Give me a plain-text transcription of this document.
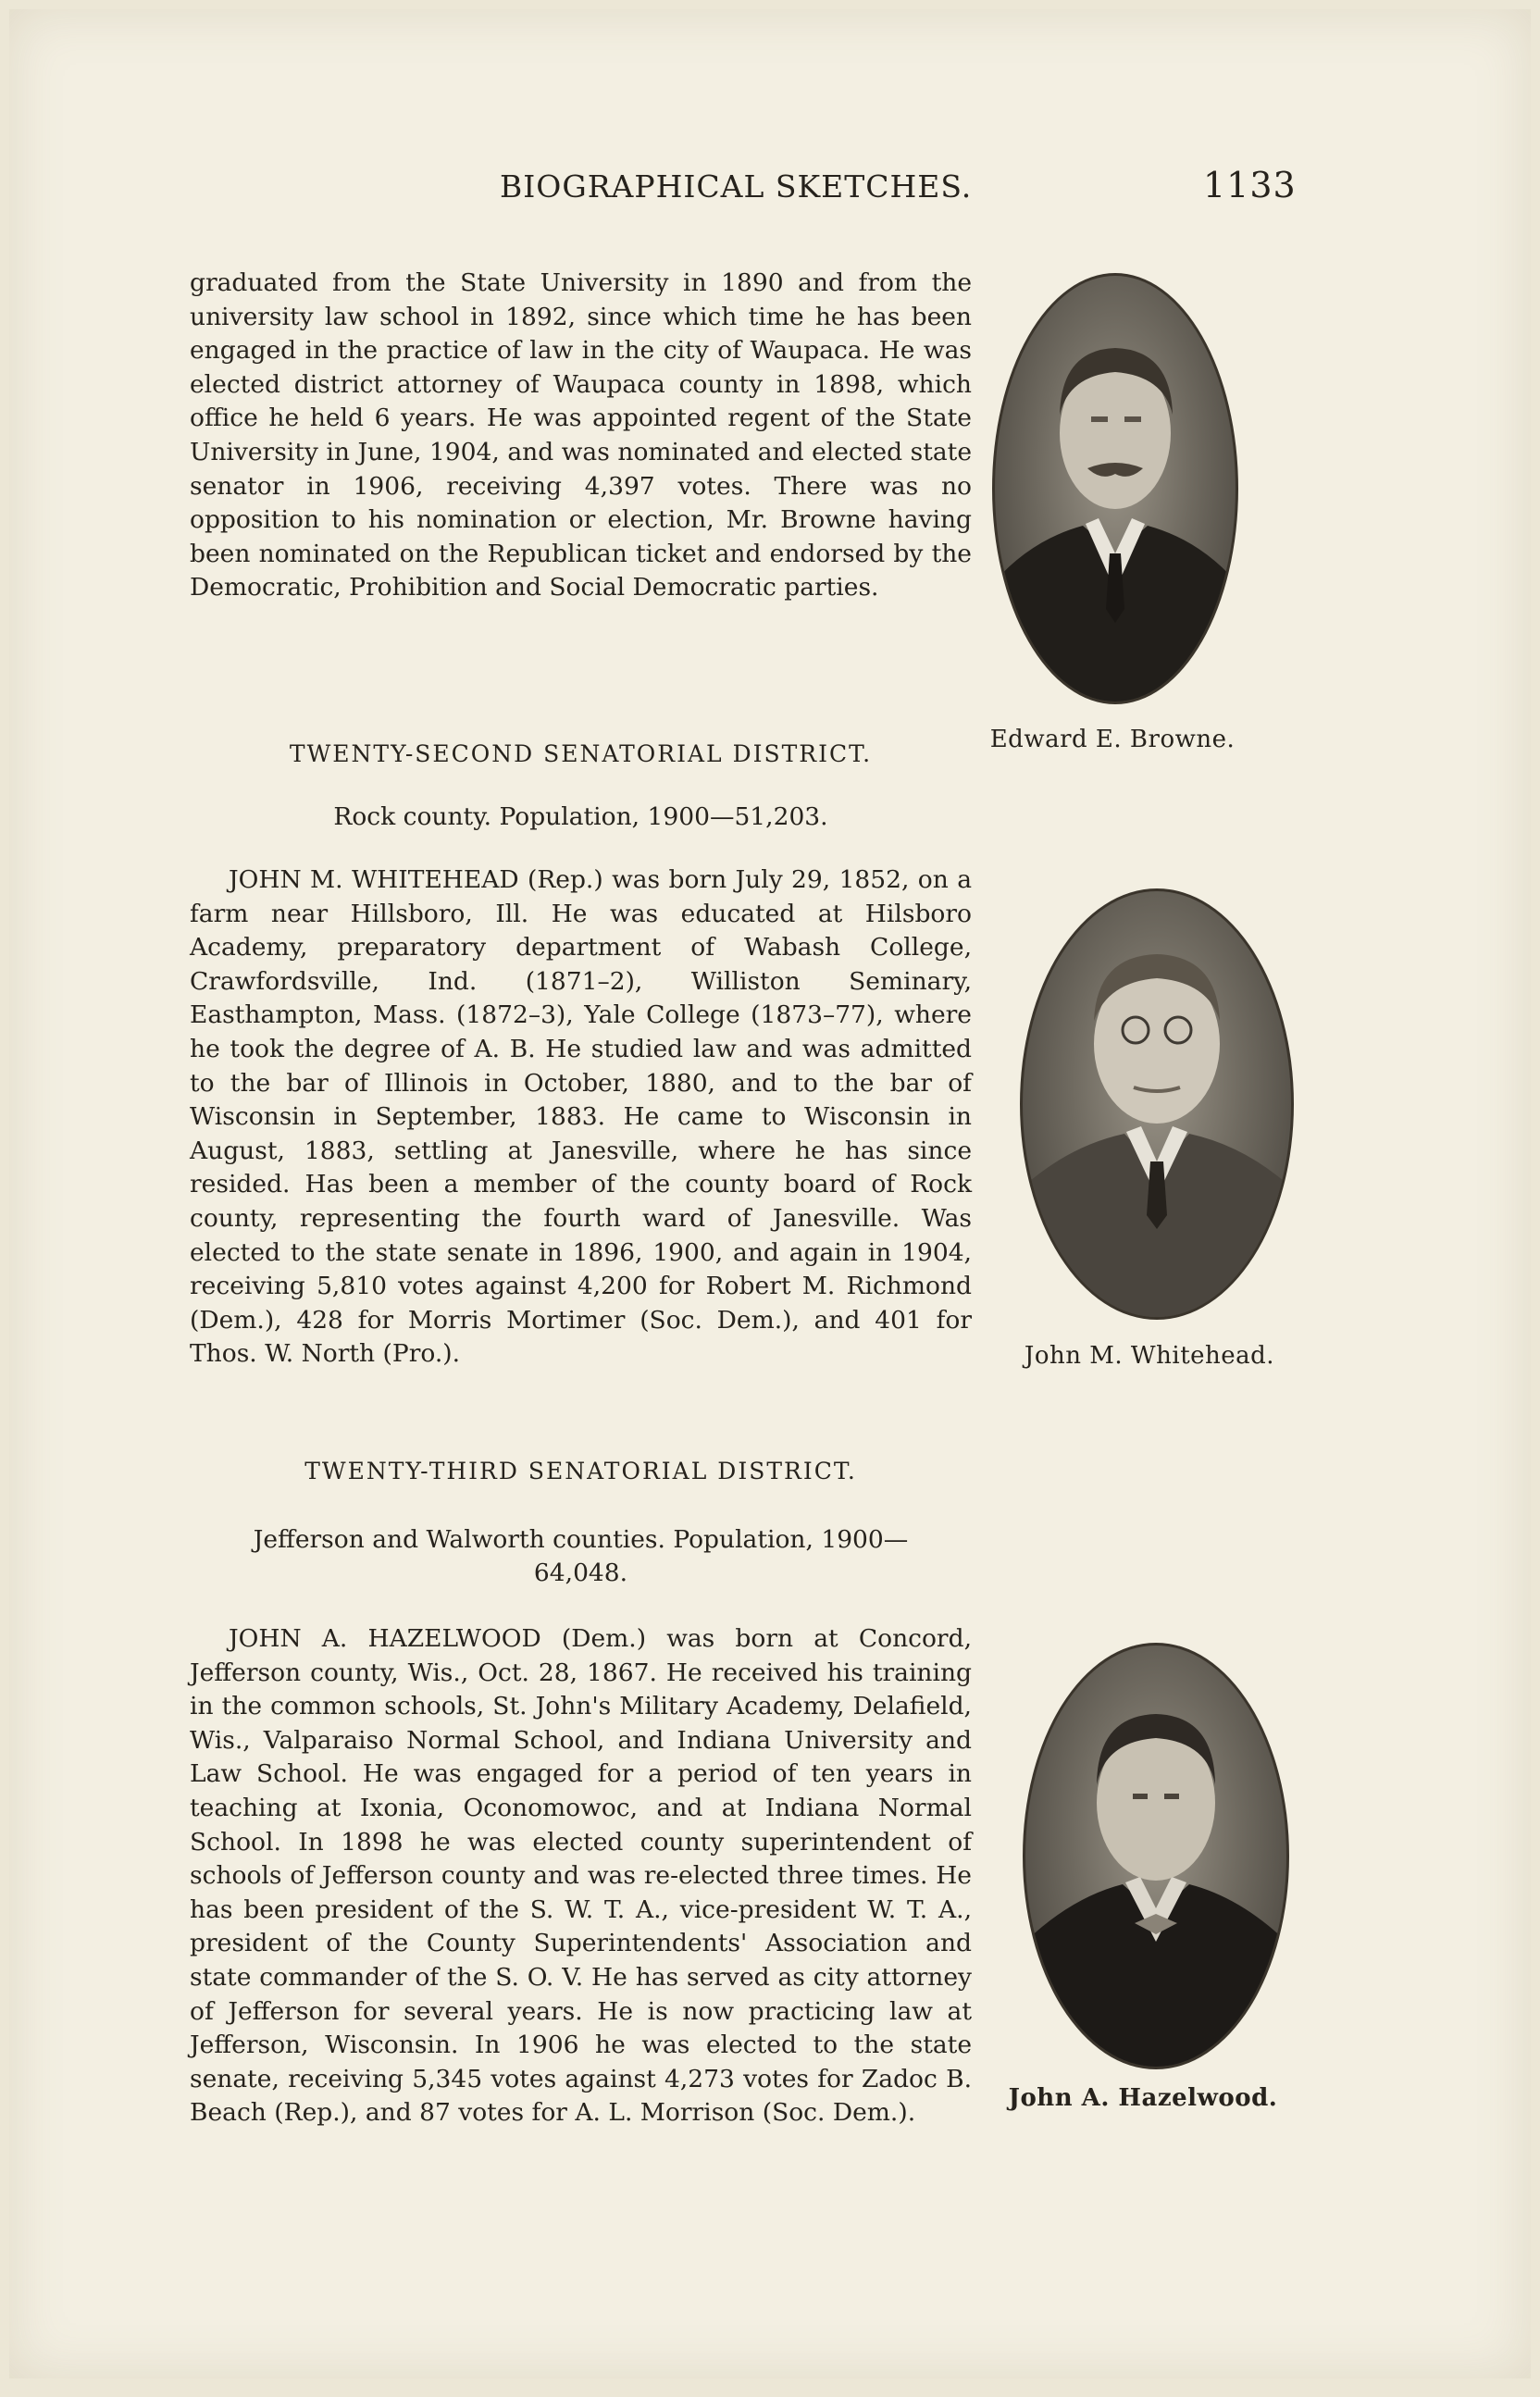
BIOGRAPHICAL SKETCHES.	1133

graduated from the State University in 1890 and from the university law school in 1892, since which time he has been engaged in the practice of law in the city of Waupaca. He was elected district attorney of Waupaca county in 1898, which office he held 6 years. He was appointed regent of the State University in June, 1904, and was nominated and elected state senator in 1906, receiving 4,397 votes. There was no opposition to his nomination or election, Mr. Browne having been nominated on the Republican ticket and endorsed by the Democratic, Prohibition and Social Democratic parties.

Edward E. Browne.
TWENTY-SECOND SENATORIAL DISTRICT.
Rock county. Population, 1900—51,203.

JOHN M. WHITEHEAD (Rep.) was born July 29, 1852, on a farm near Hillsboro, Ill. He was educated at Hilsboro Academy, preparatory department of Wabash College, Crawfordsville, Ind. (1871–2), Williston Seminary, Easthampton, Mass. (1872–3), Yale College (1873–77), where he took the degree of A. B. He studied law and was admitted to the bar of Illinois in October, 1880, and to the bar of Wisconsin in September, 1883. He came to Wisconsin in August, 1883, settling at Janesville, where he has since resided. Has been a member of the county board of Rock county, representing the fourth ward of Janesville. Was elected to the state senate in 1896, 1900, and again in 1904, receiving 5,810 votes against 4,200 for Robert M. Richmond (Dem.), 428 for Morris Mortimer (Soc. Dem.), and 401 for Thos. W. North (Pro.).	John M. Whitehead.
TWENTY-THIRD SENATORIAL DISTRICT.
Jefferson and Walworth counties. Population, 1900—
64,048.

JOHN A. HAZELWOOD (Dem.) was born at Concord, Jefferson county, Wis., Oct. 28, 1867. He received his training in the common schools, St. John's Military Academy, Delafield, Wis., Valparaiso Normal School, and Indiana University and Law School. He was engaged for a period of ten years in teaching at Ixonia, Oconomowoc, and at Indiana Normal School. In 1898 he was elected county superintendent of schools of Jefferson county and was re-elected three times. He has been president of the S. W. T. A., vice-president W. T. A., president of the County Superintendents' Association and state commander of the S. O. V. He has served as city attorney of Jefferson for several years. He is now practicing law at Jefferson, Wisconsin. In 1906 he was elected to the state senate, receiving 5,345 votes against 4,273 votes for Zadoc B. Beach (Rep.), and 87 votes for A. L. Morrison (Soc. Dem.).

John A. Hazelwood.
